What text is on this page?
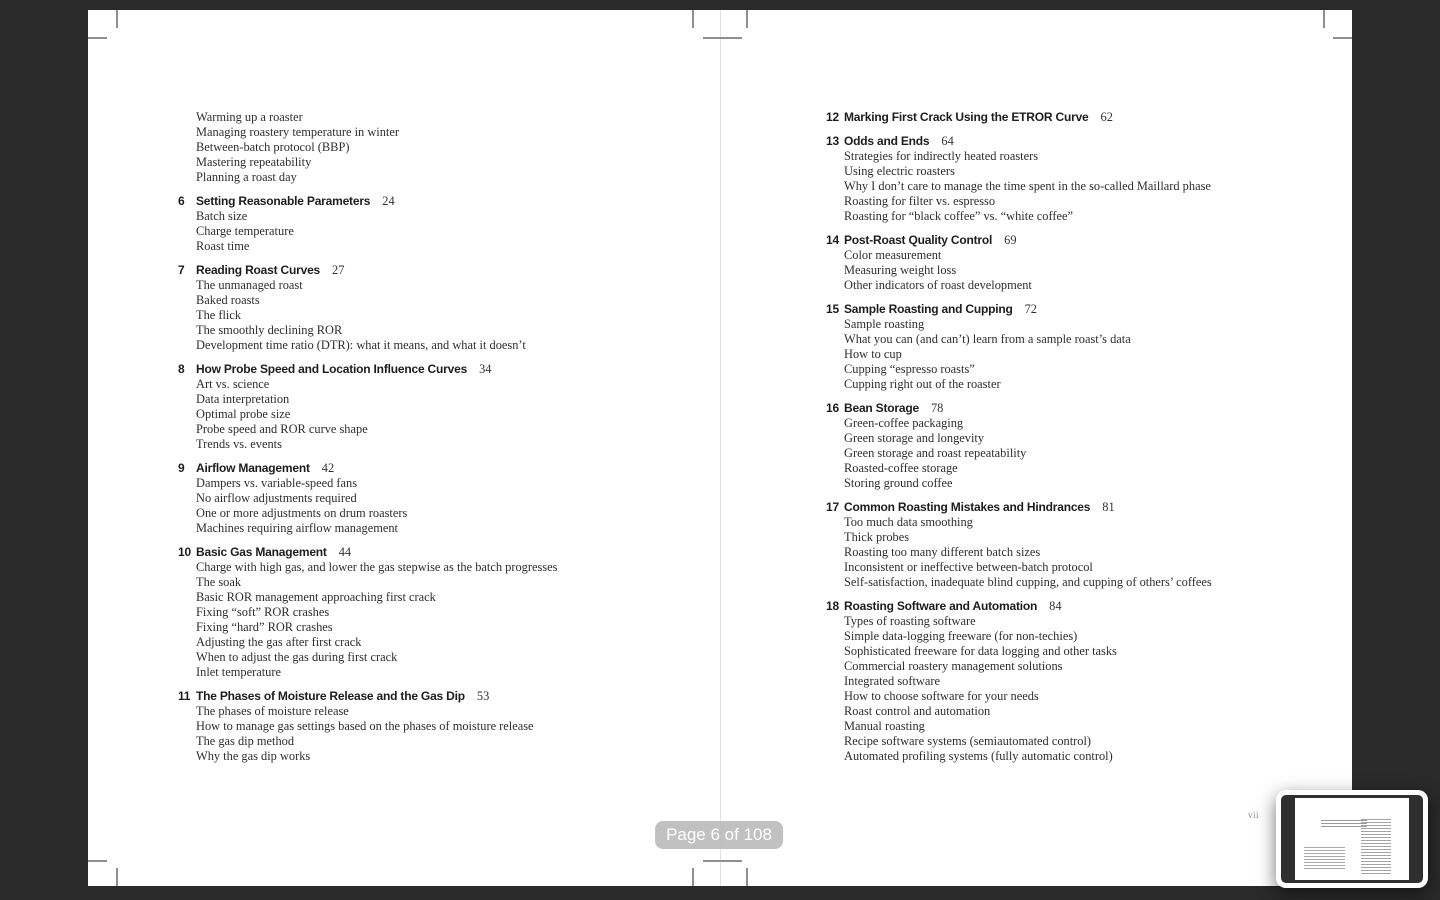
Warming up a roaster
Managing roastery temperature in winter
Between-batch protocol (BBP)
Mastering repeatability
Planning a roast day
6 Setting Reasonable Parameters 24
Batch size
Charge temperature
Roast time
7 Reading Roast Curves 27
The unmanaged roast
Baked roasts
The flick
The smoothly declining ROR
Development time ratio (DTR): what it means, and what it doesn’t
8 How Probe Speed and Location Influence Curves 34
Art vs. science
Data interpretation
Optimal probe size
Probe speed and ROR curve shape
Trends vs. events
9 Airflow Management 42
Dampers vs. variable-speed fans
No airflow adjustments required
One or more adjustments on drum roasters
Machines requiring airflow management
10 Basic Gas Management 44
Charge with high gas, and lower the gas stepwise as the batch progresses
The soak
Basic ROR management approaching first crack
Fixing “soft” ROR crashes
Fixing “hard” ROR crashes
Adjusting the gas after first crack
When to adjust the gas during first crack
Inlet temperature
11 The Phases of Moisture Release and the Gas Dip 53
The phases of moisture release
How to manage gas settings based on the phases of moisture release
The gas dip method
Why the gas dip works
12 Marking First Crack Using the ETROR Curve 62
13 Odds and Ends 64
Strategies for indirectly heated roasters
Using electric roasters
Why I don’t care to manage the time spent in the so-called Maillard phase
Roasting for filter vs. espresso
Roasting for “black coffee” vs. “white coffee”
14 Post-Roast Quality Control 69
Color measurement
Measuring weight loss
Other indicators of roast development
15 Sample Roasting and Cupping 72
Sample roasting
What you can (and can’t) learn from a sample roast’s data
How to cup
Cupping “espresso roasts”
Cupping right out of the roaster
16 Bean Storage 78
Green-coffee packaging
Green storage and longevity
Green storage and roast repeatability
Roasted-coffee storage
Storing ground coffee
17 Common Roasting Mistakes and Hindrances 81
Too much data smoothing
Thick probes
Roasting too many different batch sizes
Inconsistent or ineffective between-batch protocol
Self-satisfaction, inadequate blind cupping, and cupping of others’ coffees
18 Roasting Software and Automation 84
Types of roasting software
Simple data-logging freeware (for non-techies)
Sophisticated freeware for data logging and other tasks
Commercial roastery management solutions
Integrated software
How to choose software for your needs
Roast control and automation
Manual roasting
Recipe software systems (semiautomated control)
Automated profiling systems (fully automatic control)
vii
Page 6 of 108
